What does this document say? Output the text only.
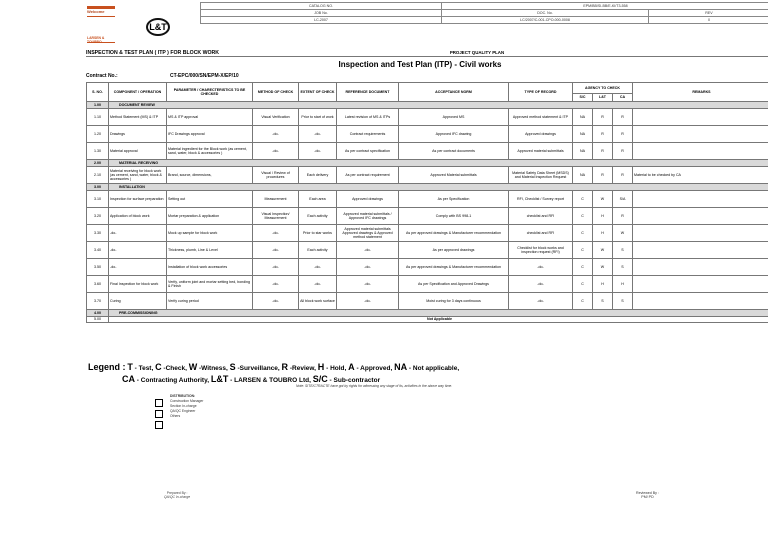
Welcome
LARSEN &
L&T
CATALOG NO.	EPM/BB/SI-BB/E-KI/T3-558	
JOB No.	DOC. No.	REV
LC-2007	LC/2007/C-001-CPO-000-0008	0
INSPECTION & TEST PLAN ( ITP ) FOR BLOCK WORK	PROJECT QUALITY PLAN
Inspection and Test Plan (ITP) - Civil works
Contract No.:	CT-EPC/000/SN/EPM-X/EP/10
S. NO.	COMPONENT / OPERATION	PARAMETER / CHARECTERISTICS TO BE CHECKED	METHOD OF CHECK	EXTENT OF CHECK	REFERENCE DOCUMENT	ACCEPTANCE NORM	TYPE OF RECORD	AGENCY TO CHECK			REMARKS
								S/C	L&T	CA	
1.00	DOCUMENT REVIEW										
1.10	Method Statement (MS) & ITP	MS & ITP approval	Visual Verification	Prior to start of work	Latest revision of MS & ITPs	Approved MS	Approved method statement & ITP	NA	R	R	
1.20	Drawings	IFC Drawings approval	-do-	-do-	Contract requirements	Approved IFC drawing	Approved drawings	NA	R	R	
1.30	Material approval	Material ingredient for the Block work (as cement, sand, water, block & accessories )	-do-	-do-	As per contract specification	As per contract documents	Approved material submittals	NA	R	R	
2.00	MATERIAL RECEIVING										
2.10	Material receiving for block work (as cement, sand, water, block & accessories )	Brand, source, dimensions,	Visual / Review of procedures	Each delivery	As per contract requirement	Approved Material submittals	Material Safety Data Sheet (MSDS) and Material Inspection Request	NA	R	R	Material to be checked by CA
3.00	INSTALLATION										
3.10	Inspection for surface preparation	Setting out	Measurement	Each area	Approved drawings	As per Specification	RFI, Checklist / Survey report	C	W	S/A	
3.20	Application of block work	Mortar preparation & application	Visual Inspection/ Measurement	Each activity	Approved material submittals / Approved IFC drawings	Comply with BS 998-1	checklist and RFI	C	H	R	
3.30	-do-	Mock up sample for block work	-do-	Prior to star works	Approved material submittals Approved drawings & Approved method statement	As per approved drawings & Manufacturer recommendation	checklist and RFI	C	H	W	
3.40	-do-	Thickness, plumb, Line & Level	-do-	Each activity	-do-	As per approved drawings	Checklist for block works and inspection request (RFI)	C	W	S	
3.50	-do-	Installation of block work accessories	-do-	-do-	-do-	As per approved drawings & Manufacturer recommendation	-do-	C	W	S	
3.60	Final Inspection for block work	Verify, uniform joint and mortar setting bed, bonding & Finish	-do-	-do-	-do-	As per Specification and Approved Drawings	-do-	C	H	H	
3.70	Curing	Verify curing period	-do-	All block work surface	-do-	Moist curing for 3 days continuous	-do-	C	S	S	
4.00	PRE-COMMISSIONING										
5.00	Not Applicable										
Legend : T - Test, C -Check, W -Witness, S -Surveillance, R -Review, H - Hold, A - Approved, NA - Not applicable,
CA - Contracting Authority, L&T - LARSEN & TOUBRO Ltd, S/C - Sub-contractor
Note: SITE/CTRACTE have got by rights for witnessing any stage of its, activities in the above way time.
DISTRIBUTION:
Construction Manager
Section In-charge
QA/QC Engineer
Others
Prepared By :
QA/QC In-charge
Reviewed By :
PM/ PD
